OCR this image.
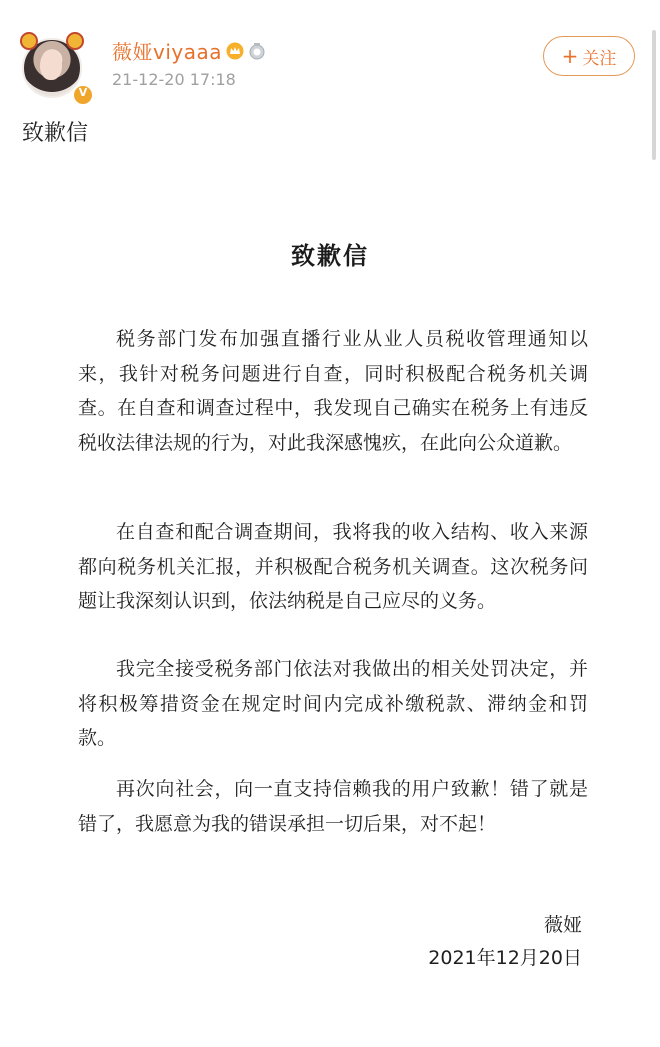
V
薇娅viyaaa
21-12-20 17:18
+ 关注
致歉信
致歉信

税务部门发布加强直播行业从业人员税收管理通知以来，我针对税务问题进行自查，同时积极配合税务机关调查。在自查和调查过程中，我发现自己确实在税务上有违反税收法律法规的行为，对此我深感愧疚，在此向公众道歉。

在自查和配合调查期间，我将我的收入结构、收入来源都向税务机关汇报，并积极配合税务机关调查。这次税务问题让我深刻认识到，依法纳税是自己应尽的义务。

我完全接受税务部门依法对我做出的相关处罚决定，并将积极筹措资金在规定时间内完成补缴税款、滞纳金和罚款。

再次向社会，向一直支持信赖我的用户致歉！错了就是错了，我愿意为我的错误承担一切后果，对不起！

薇娅
2021年12月20日
